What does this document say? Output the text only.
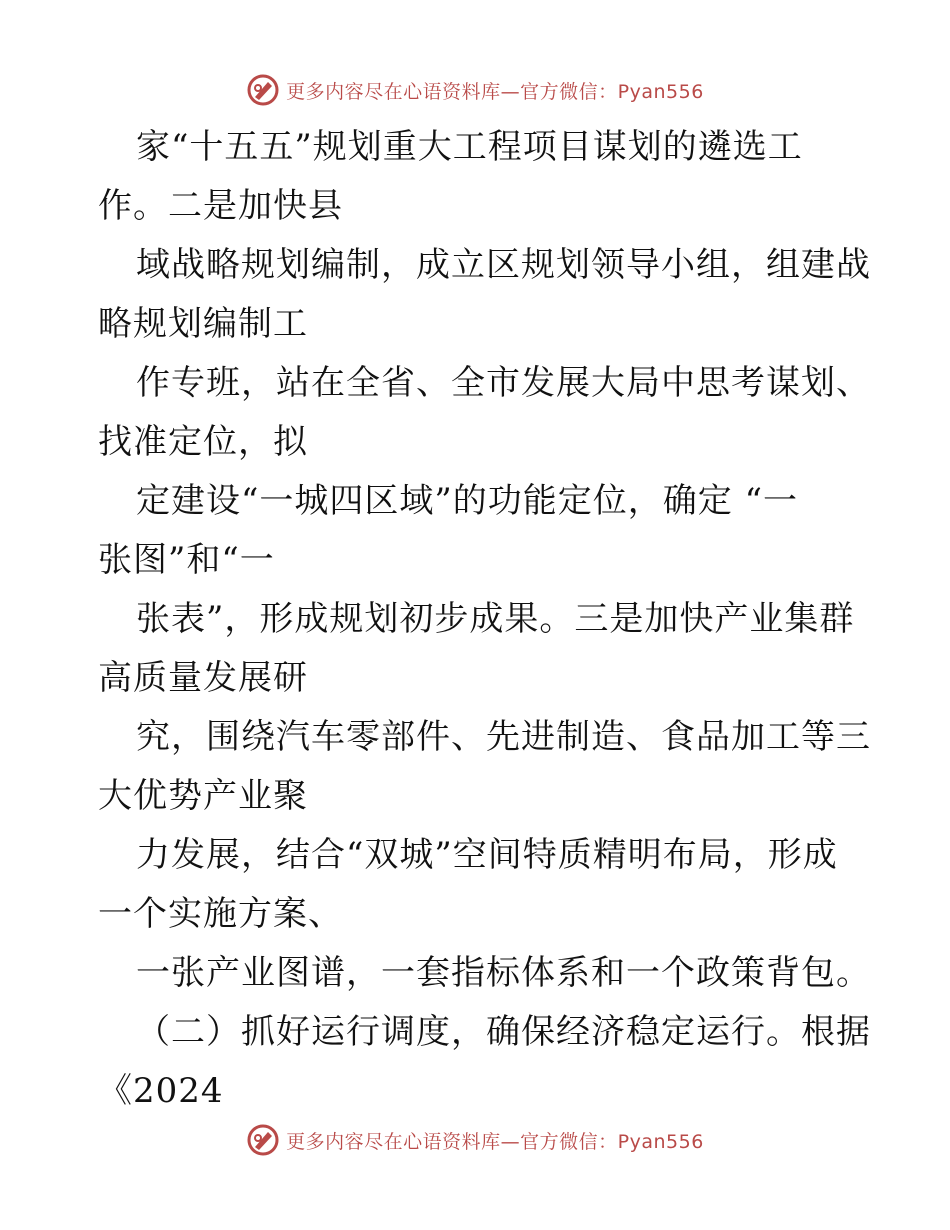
更多内容尽在心语资料库—官方微信：Pyan556
家“十五五”规划重大工程项目谋划的遴选工
作。二是加快县
域战略规划编制，成立区规划领导小组，组建战
略规划编制工
作专班，站在全省、全市发展大局中思考谋划、
找准定位，拟
定建设“一城四区域”的功能定位，确定 “一
张图”和“一
张表”，形成规划初步成果。三是加快产业集群
高质量发展研
究，围绕汽车零部件、先进制造、食品加工等三
大优势产业聚
力发展，结合“双城”空间特质精明布局，形成
一个实施方案、
一张产业图谱，一套指标体系和一个政策背包。
（二）抓好运行调度，确保经济稳定运行。根据
《2024
更多内容尽在心语资料库—官方微信：Pyan556
